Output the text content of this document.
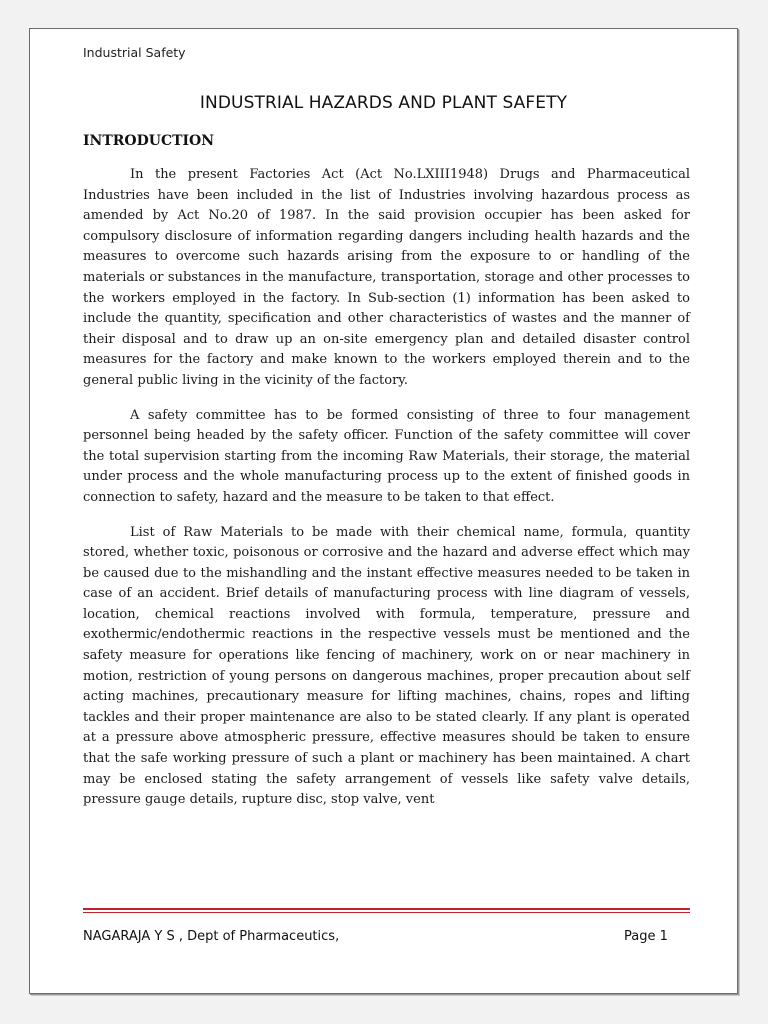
Industrial Safety
INDUSTRIAL HAZARDS AND PLANT SAFETY
INTRODUCTION

In the present Factories Act (Act No.LXIII1948) Drugs and Pharmaceutical Industries have been included in the list of Industries involving hazardous process as amended by Act No.20 of 1987. In the said provision occupier has been asked for compulsory disclosure of information regarding dangers including health hazards and the measures to overcome such hazards arising from the exposure to or handling of the materials or substances in the manufacture, transportation, storage and other processes to the workers employed in the factory. In Sub-section (1) information has been asked to include the quantity, specification and other characteristics of wastes and the manner of their disposal and to draw up an on-site emergency plan and detailed disaster control measures for the factory and make known to the workers employed therein and to the general public living in the vicinity of the factory.

A safety committee has to be formed consisting of three to four management personnel being headed by the safety officer. Function of the safety committee will cover the total supervision starting from the incoming Raw Materials, their storage, the material under process and the whole manufacturing process up to the extent of finished goods in connection to safety, hazard and the measure to be taken to that effect.

List of Raw Materials to be made with their chemical name, formula, quantity stored, whether toxic, poisonous or corrosive and the hazard and adverse effect which may be caused due to the mishandling and the instant effective measures needed to be taken in case of an accident. Brief details of manufacturing process with line diagram of vessels, location, chemical reactions involved with formula, temperature, pressure and exothermic/endothermic reactions in the respective vessels must be mentioned and the safety measure for operations like fencing of machinery, work on or near machinery in motion, restriction of young persons on dangerous machines, proper precaution about self acting machines, precautionary measure for lifting machines, chains, ropes and lifting tackles and their proper maintenance are also to be stated clearly. If any plant is operated at a pressure above atmospheric pressure, effective measures should be taken to ensure that the safe working pressure of such a plant or machinery has been maintained. A chart may be enclosed stating the safety arrangement of vessels like safety valve details, pressure gauge details, rupture disc, stop valve, vent

NAGARAJA Y S , Dept of Pharmaceutics,	Page 1
